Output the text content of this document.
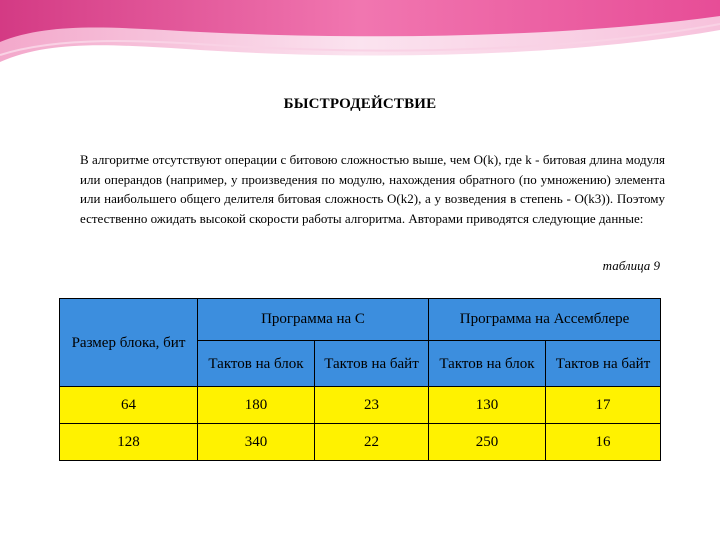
БЫСТРОДЕЙСТВИЕ
В алгоритме отсутствуют операции с битовою сложностью выше, чем O(k), где k - битовая длина модуля или операндов (например, у произведения по модулю, нахождения обратного (по умножению) элемента или наибольшего общего делителя битовая сложность O(k2), а у возведения в степень - O(k3)). Поэтому естественно ожидать высокой скорости работы алгоритма. Авторами приводятся следующие данные:
таблица 9
Размер блока, бит	Программа на С		Программа на Ассемблере	
	Тактов на блок	Тактов на байт	Тактов на блок	Тактов на байт
64	180	23	130	17
128	340	22	250	16
